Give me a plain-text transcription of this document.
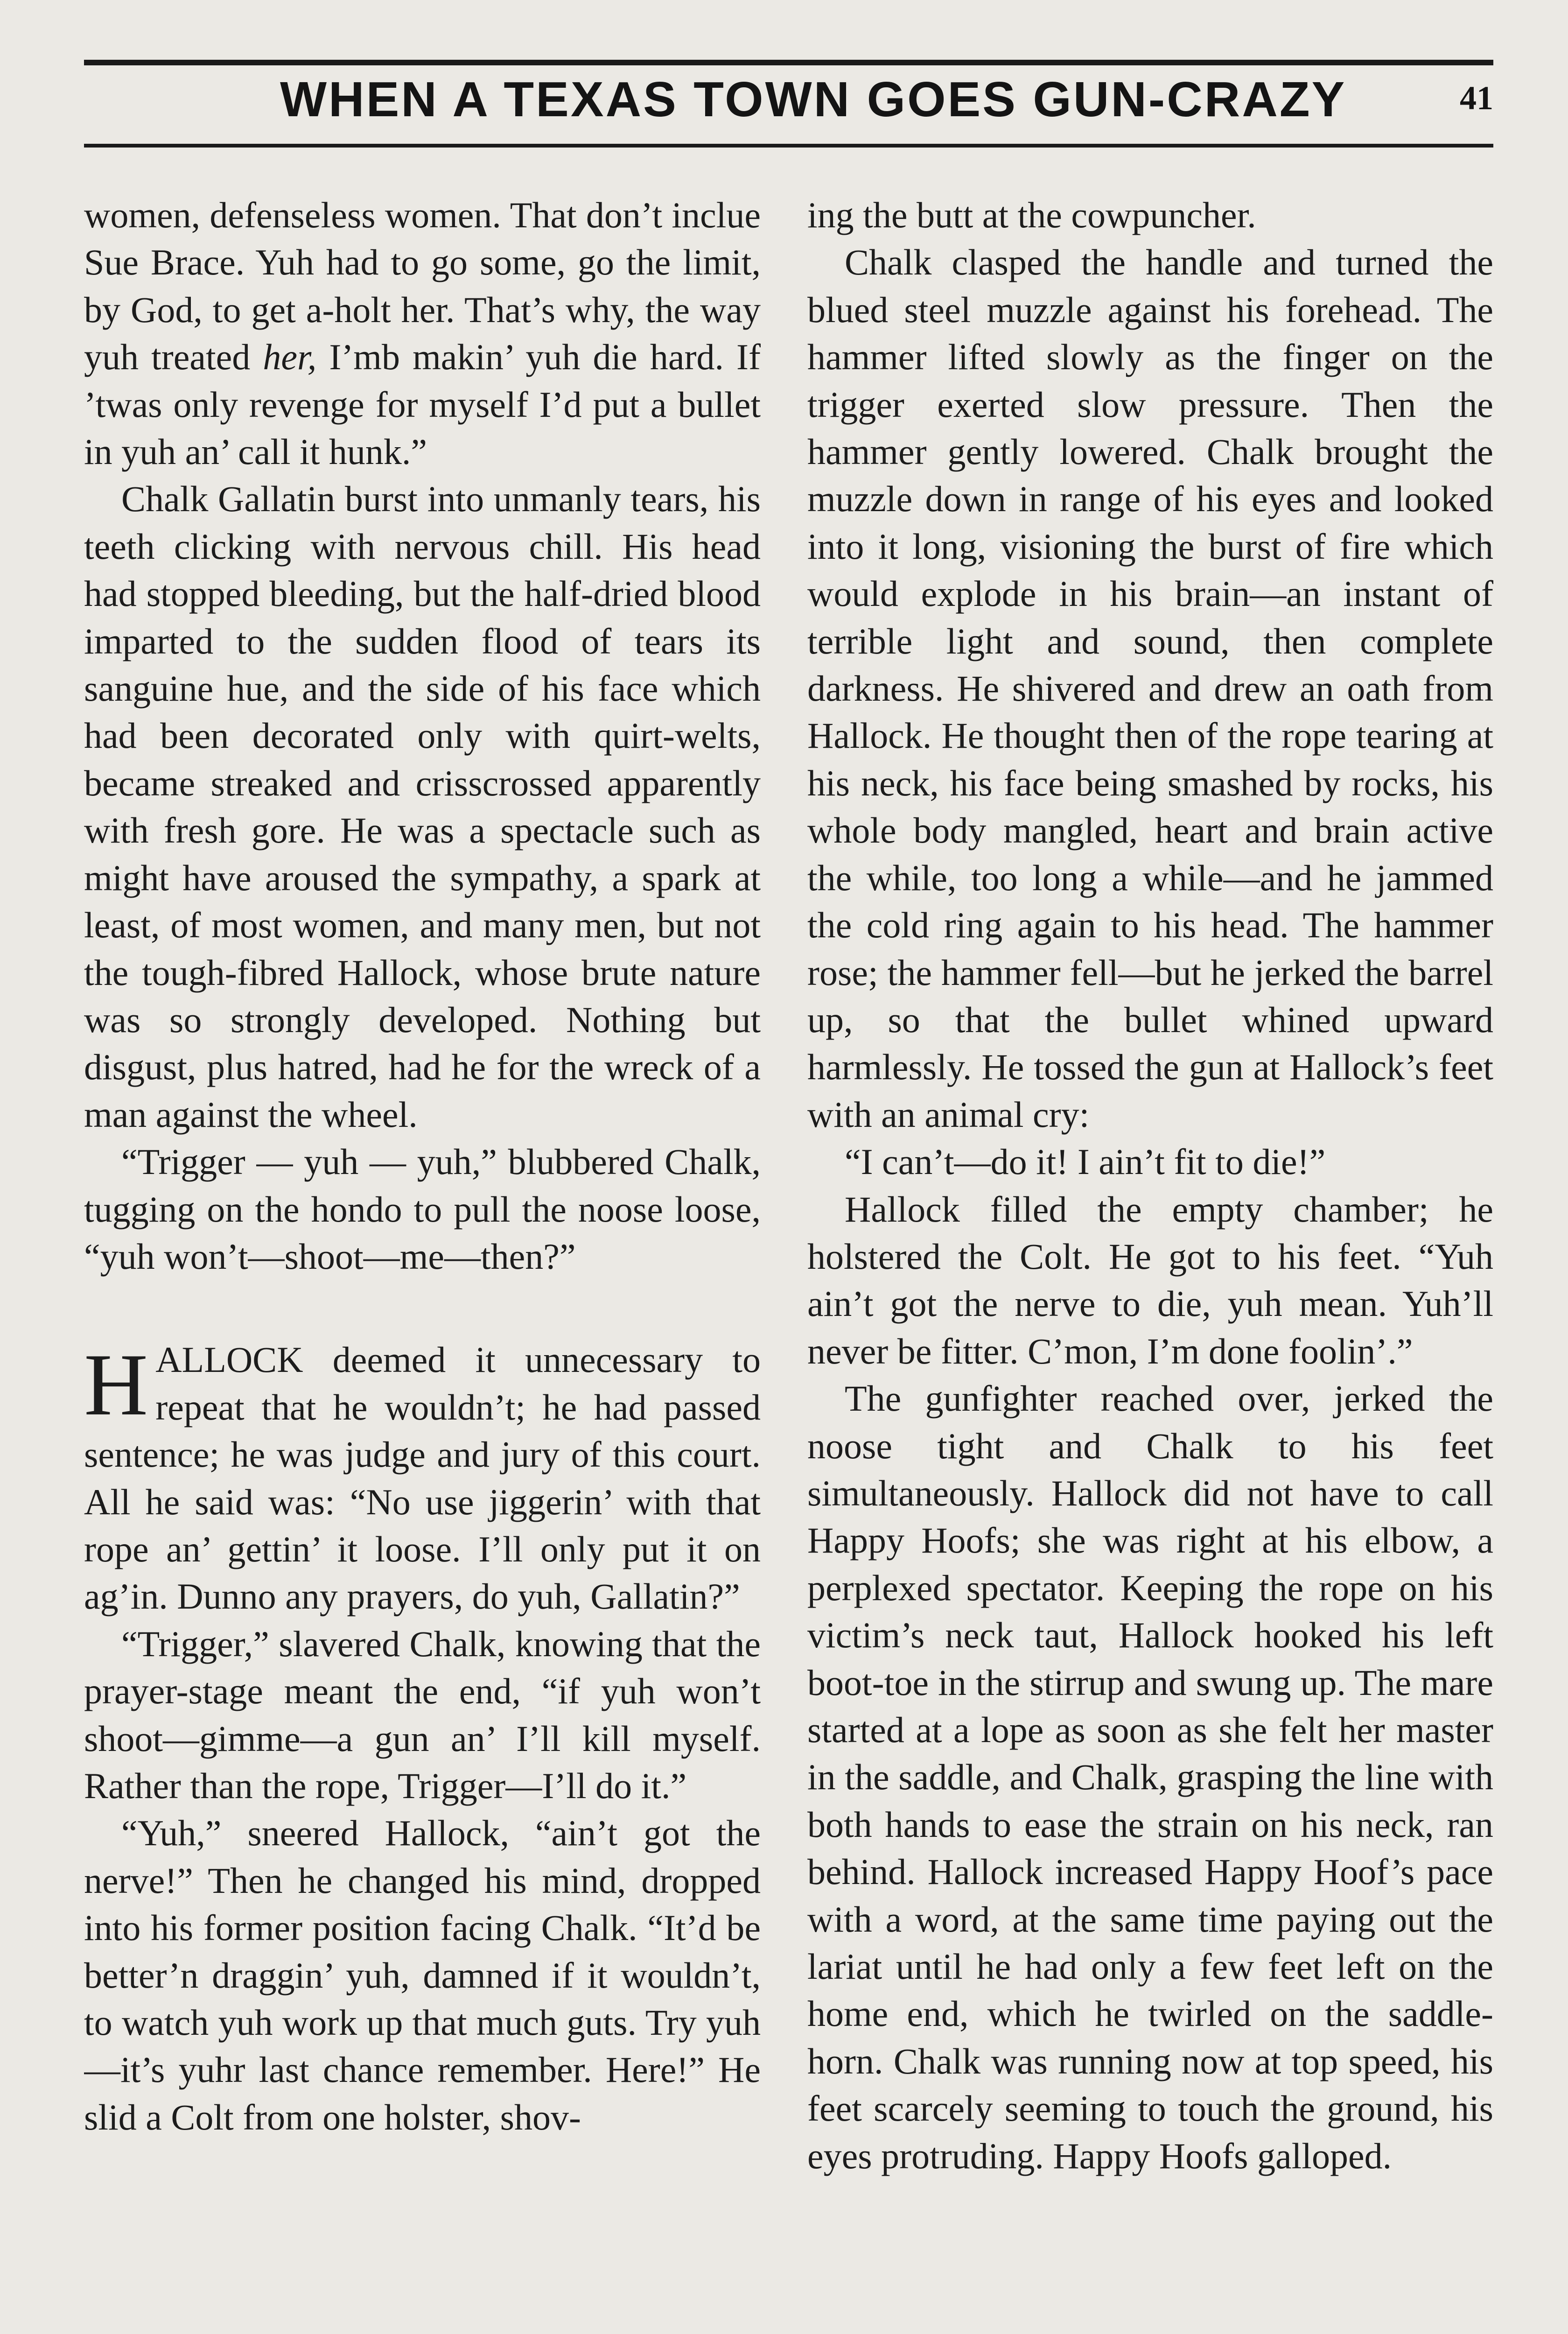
WHEN A TEXAS TOWN GOES GUN-CRAZY	41

women, defenseless women. That don’t inclue Sue Brace. Yuh had to go some, go the limit, by God, to get a-holt her. That’s why, the way yuh treated her, I’mb makin’ yuh die hard. If ’twas only revenge for myself I’d put a bullet in yuh an’ call it hunk.”

Chalk Gallatin burst into unmanly tears, his teeth clicking with nervous chill. His head had stopped bleeding, but the half-dried blood imparted to the sudden flood of tears its sanguine hue, and the side of his face which had been decorated only with quirt-welts, became streaked and crisscrossed apparently with fresh gore. He was a spectacle such as might have aroused the sympathy, a spark at least, of most women, and many men, but not the tough-fibred Hallock, whose brute nature was so strongly developed. Nothing but disgust, plus hatred, had he for the wreck of a man against the wheel.

“Trigger — yuh — yuh,” blubbered Chalk, tugging on the hondo to pull the noose loose, “yuh won’t—shoot—me—then?”

HALLOCK deemed it unnecessary to repeat that he wouldn’t; he had passed sentence; he was judge and jury of this court. All he said was: “No use jiggerin’ with that rope an’ gettin’ it loose. I’ll only put it on ag’in. Dunno any prayers, do yuh, Gallatin?”

“Trigger,” slavered Chalk, knowing that the prayer-stage meant the end, “if yuh won’t shoot—gimme—a gun an’ I’ll kill myself. Rather than the rope, Trigger—I’ll do it.”

“Yuh,” sneered Hallock, “ain’t got the nerve!” Then he changed his mind, dropped into his former position facing Chalk. “It’d be better’n draggin’ yuh, damned if it wouldn’t, to watch yuh work up that much guts. Try yuh—it’s yuhr last chance remember. Here!” He slid a Colt from one holster, shov-

ing the butt at the cowpuncher.

Chalk clasped the handle and turned the blued steel muzzle against his forehead. The hammer lifted slowly as the finger on the trigger exerted slow pressure. Then the hammer gently lowered. Chalk brought the muzzle down in range of his eyes and looked into it long, visioning the burst of fire which would explode in his brain—an instant of terrible light and sound, then complete darkness. He shivered and drew an oath from Hallock. He thought then of the rope tearing at his neck, his face being smashed by rocks, his whole body mangled, heart and brain active the while, too long a while—and he jammed the cold ring again to his head. The hammer rose; the hammer fell—but he jerked the barrel up, so that the bullet whined upward harmlessly. He tossed the gun at Hallock’s feet with an animal cry:

“I can’t—do it! I ain’t fit to die!”

Hallock filled the empty chamber; he holstered the Colt. He got to his feet. “Yuh ain’t got the nerve to die, yuh mean. Yuh’ll never be fitter. C’mon, I’m done foolin’.”

The gunfighter reached over, jerked the noose tight and Chalk to his feet simultaneously. Hallock did not have to call Happy Hoofs; she was right at his elbow, a perplexed spectator. Keeping the rope on his victim’s neck taut, Hallock hooked his left boot-toe in the stirrup and swung up. The mare started at a lope as soon as she felt her master in the saddle, and Chalk, grasping the line with both hands to ease the strain on his neck, ran behind. Hallock increased Happy Hoof’s pace with a word, at the same time paying out the lariat until he had only a few feet left on the home end, which he twirled on the saddle-horn. Chalk was running now at top speed, his feet scarcely seeming to touch the ground, his eyes protruding. Happy Hoofs galloped.
